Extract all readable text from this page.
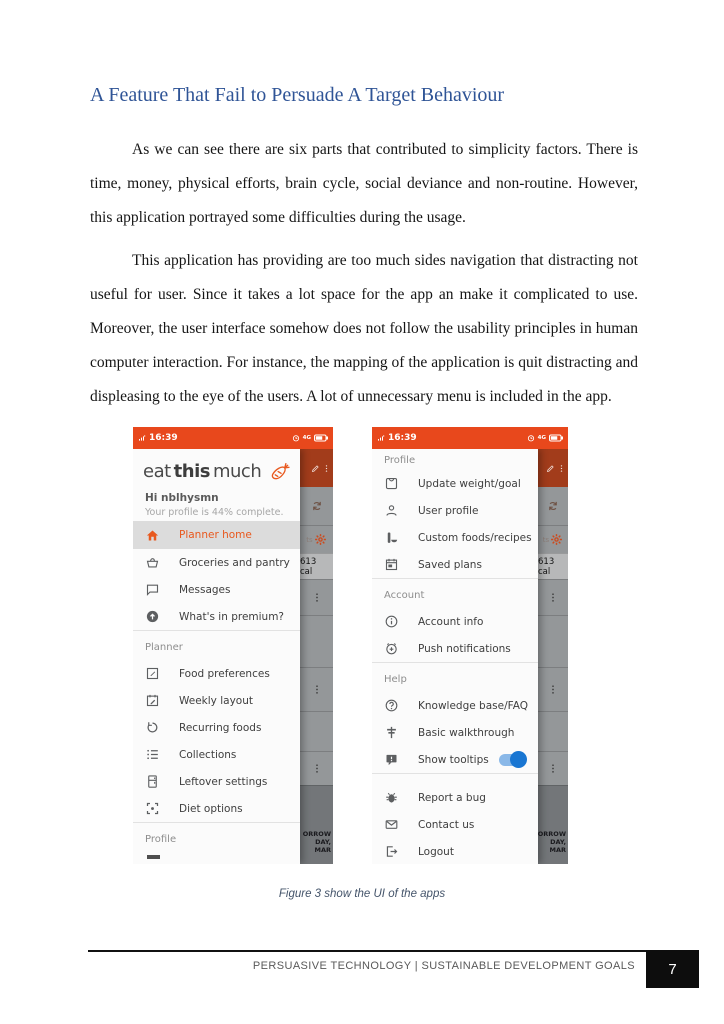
A Feature That Fail to Persuade A Target Behaviour
As we can see there are six parts that contributed to simplicity factors. There is time, money, physical efforts, brain cycle, social deviance and non-routine. However, this application portrayed some difficulties during the usage.
This application has providing are too much sides navigation that distracting not useful for user. Since it takes a lot space for the app an make it complicated to use. Moreover, the user interface somehow does not follow the usability principles in human computer interaction. For instance, the mapping of the application is quit distracting and displeasing to the eye of the users. A lot of unnecessary menu is included in the app.
16:39	4G
ts
613 cal
ORROW
DAY, MAR
eat this much
Hi nblhysmn
Your profile is 44% complete.
Planner home
Groceries and pantry
Messages
What's in premium?
Planner
Food preferences
Weekly layout
Recurring foods
Collections
Leftover settings
Diet options
Profile
16:39	4G
ts
613 cal
ORROW
DAY, MAR
Profile
Update weight/goal
User profile
Custom foods/recipes
Saved plans
Account
Account info
Push notifications
Help
Knowledge base/FAQ
Basic walkthrough
Show tooltips
Report a bug
Contact us
Logout
Figure 3 show the UI of the apps
PERSUASIVE TECHNOLOGY | SUSTAINABLE DEVELOPMENT GOALS 7
